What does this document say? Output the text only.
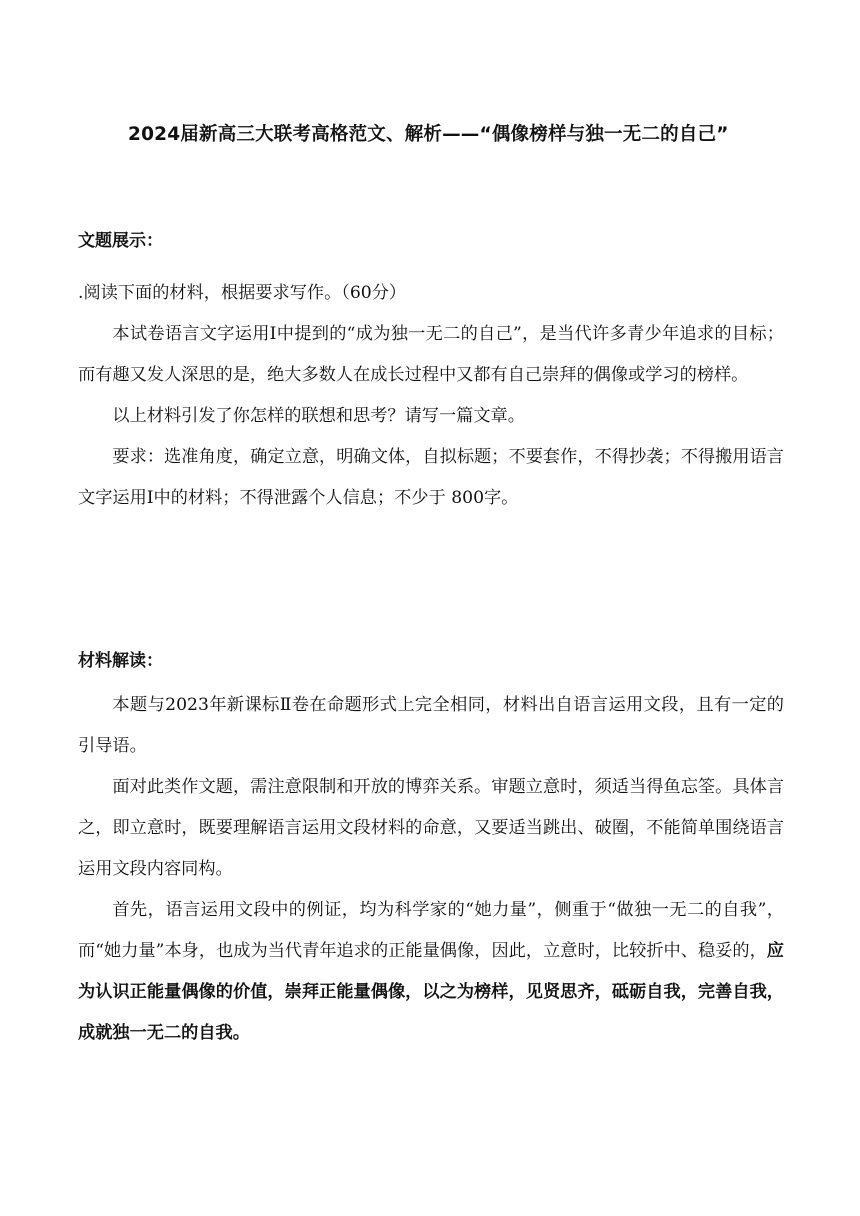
2024届新高三大联考高格范文、解析——“偶像榜样与独一无二的自己”
文题展示：

.阅读下面的材料，根据要求写作。（60分）

本试卷语言文字运用Ⅰ中提到的“成为独一无二的自己”，是当代许多青少年追求的目标；而有趣又发人深思的是，绝大多数人在成长过程中又都有自己崇拜的偶像或学习的榜样。

以上材料引发了你怎样的联想和思考？请写一篇文章。

要求：选准角度，确定立意，明确文体，自拟标题；不要套作，不得抄袭；不得搬用语言文字运用Ⅰ中的材料；不得泄露个人信息；不少于 800字。

材料解读：

本题与2023年新课标Ⅱ卷在命题形式上完全相同，材料出自语言运用文段，且有一定的引导语。

面对此类作文题，需注意限制和开放的博弈关系。审题立意时，须适当得鱼忘筌。具体言之，即立意时，既要理解语言运用文段材料的命意，又要适当跳出、破圈，不能简单围绕语言运用文段内容同构。

首先，语言运用文段中的例证，均为科学家的“她力量”，侧重于“做独一无二的自我”，而“她力量”本身，也成为当代青年追求的正能量偶像，因此，立意时，比较折中、稳妥的，应为认识正能量偶像的价值，崇拜正能量偶像，以之为榜样，见贤思齐，砥砺自我，完善自我，成就独一无二的自我。
